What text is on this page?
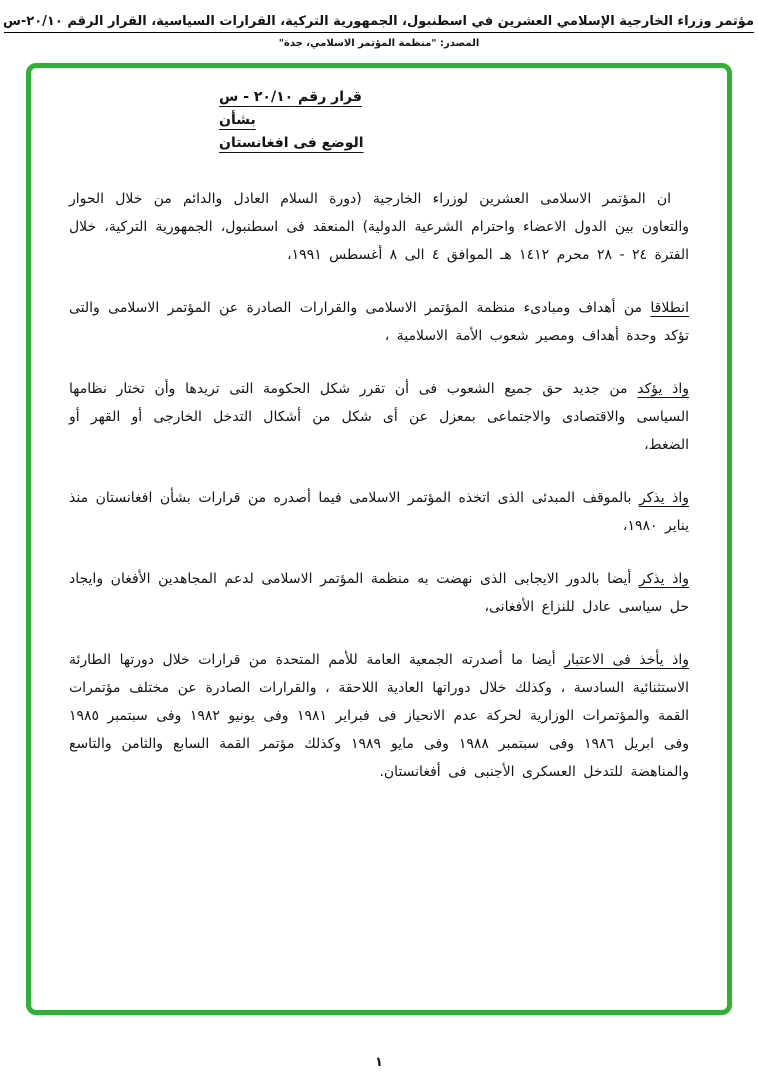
مؤتمر وزراء الخارجية الإسلامي العشرين في اسطنبول، الجمهورية التركية، القرارات السياسية، القرار الرقم ٢٠/١٠-س
المصدر: "منظمة المؤتمر الاسلامي، جدة"
قرار رقم ٢٠/١٠ - س
بشأن
الوضع فى افغانستان

ان المؤتمر الاسلامى العشرين لوزراء الخارجية (دورة السلام العادل والدائم من خلال الحوار والتعاون بين الدول الاعضاء واحترام الشرعية الدولية) المنعقد فى اسطنبول، الجمهورية التركية، خلال الفترة ٢٤ - ٢٨ محرم ١٤١٢ هـ الموافق ٤ الى ٨ أغسطس ١٩٩١،

انطلاقا من أهداف ومبادىء منظمة المؤتمر الاسلامى والقرارات الصادرة عن المؤتمر الاسلامى والتى تؤكد وحدة أهداف ومصير شعوب الأمة الاسلامية ،

واذ يؤكد من جديد حق جميع الشعوب فى أن تقرر شكل الحكومة التى تريدها وأن تختار نظامها السياسى والاقتصادى والاجتماعى بمعزل عن أى شكل من أشكال التدخل الخارجى أو القهر أو الضغط،

واذ يذكر بالموقف المبدئى الذى اتخذه المؤتمر الاسلامى فيما أصدره من قرارات بشأن افغانستان منذ يناير ١٩٨٠،

واذ يذكر أيضا بالدور الايجابى الذى نهضت به منظمة المؤتمر الاسلامى لدعم المجاهدين الأفغان وايجاد حل سياسى عادل للنزاع الأفغانى،

واذ يأخذ فى الاعتبار أيضا ما أصدرته الجمعية العامة للأمم المتحدة من قرارات خلال دورتها الطارئة الاستثنائية السادسة ، وكذلك خلال دوراتها العادية اللاحقة ، والقرارات الصادرة عن مختلف مؤتمرات القمة والمؤتمرات الوزارية لحركة عدم الانحياز فى فبراير ١٩٨١ وفى يونيو ١٩٨٢ وفى سبتمبر ١٩٨٥ وفى ابريل ١٩٨٦ وفى سبتمبر ١٩٨٨ وفى مايو ١٩٨٩ وكذلك مؤتمر القمة السابع والثامن والتاسع والمناهضة للتدخل العسكرى الأجنبى فى أفغانستان.

١
